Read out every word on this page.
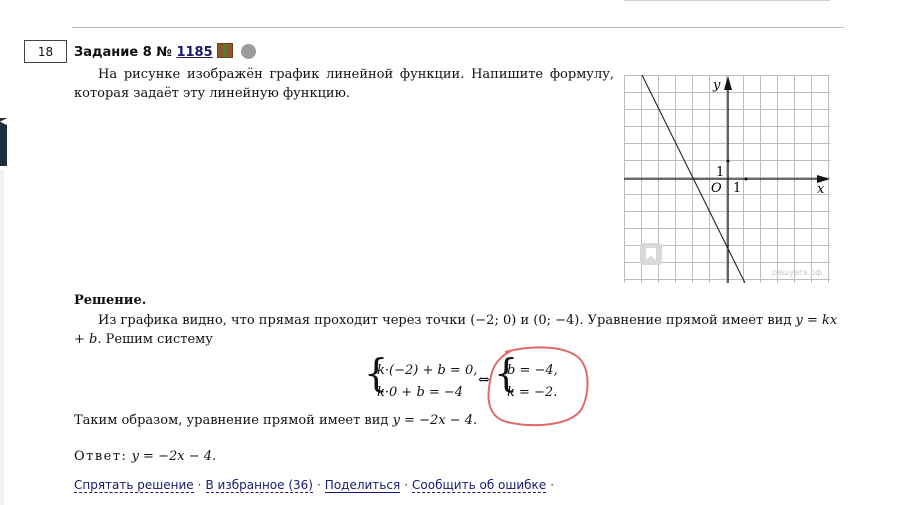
◀
18 Задание 8 № 1185
На рисунке изображён график линейной функции. Напишите формулу, которая задаёт эту линейную функцию.
y
x
O
1
1
решуегэ.рф
Решение.
Из графика видно, что прямая проходит через точки (−2; 0) и (0; −4). Уравнение прямой имеет вид y = kx + b. Решим систему
{
k·(−2) + b = 0,
k·0 + b = −4
⇔ {
b = −4,
k = −2.
Таким образом, уравнение прямой имеет вид y = −2x − 4.
Ответ: y = −2x − 4.
Спрятать решение · В избранное (36) · Поделиться · Сообщить об ошибке ·
